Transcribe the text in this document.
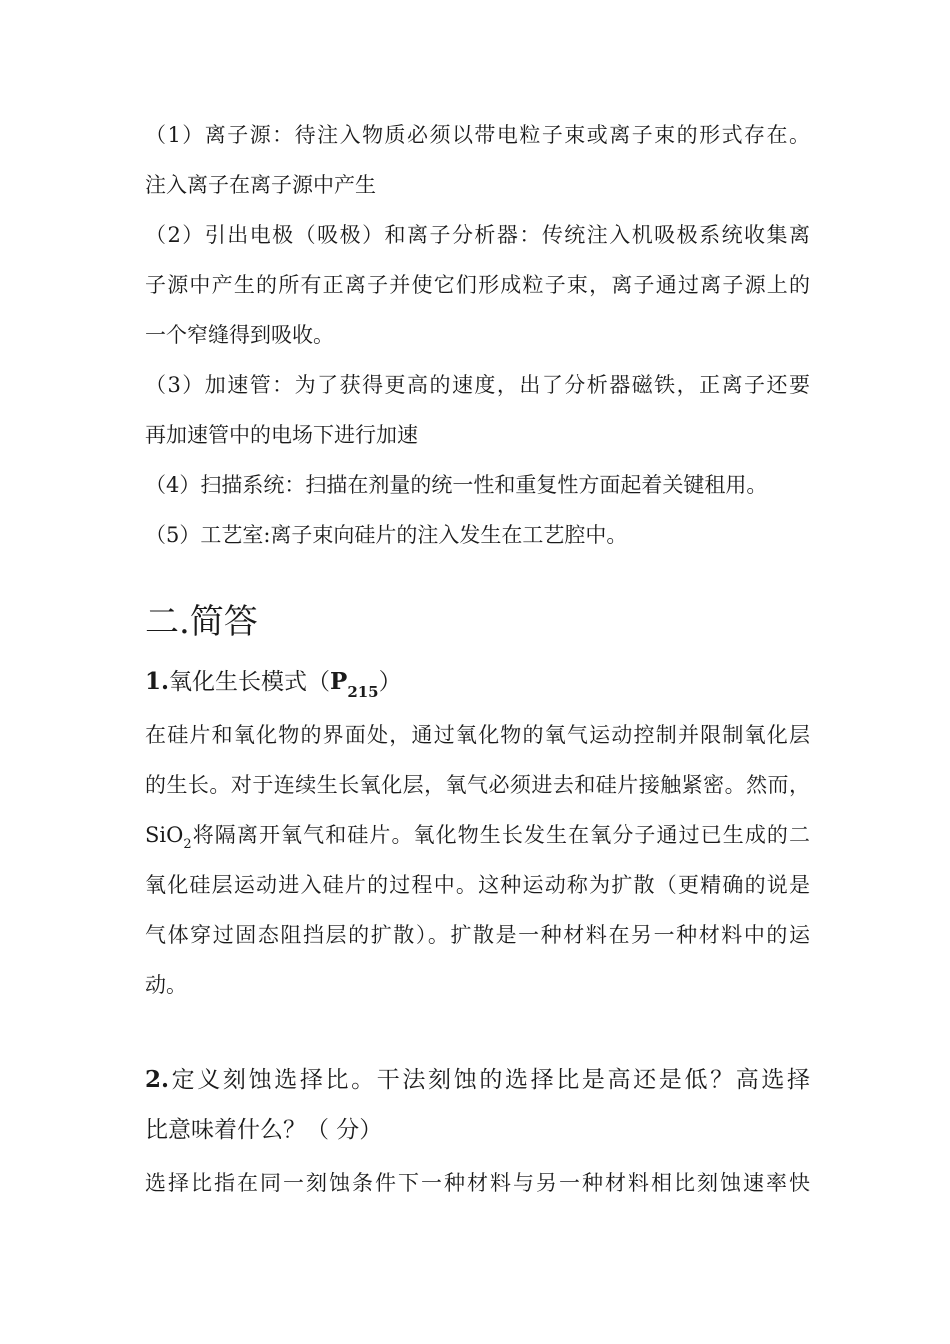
（1）离子源：待注入物质必须以带电粒子束或离子束的形式存在。
注入离子在离子源中产生
（2）引出电极（吸极）和离子分析器：传统注入机吸极系统收集离
子源中产生的所有正离子并使它们形成粒子束，离子通过离子源上的
一个窄缝得到吸收。
（3）加速管：为了获得更高的速度，出了分析器磁铁，正离子还要
再加速管中的电场下进行加速
（4）扫描系统：扫描在剂量的统一性和重复性方面起着关键租用。
（5）工艺室:离子束向硅片的注入发生在工艺腔中。
二.简答
1.氧化生长模式$(P_{215})$
在硅片和氧化物的界面处，通过氧化物的氧气运动控制并限制氧化层
的生长。对于连续生长氧化层，氧气必须进去和硅片接触紧密。然而，
SiO$_2$将隔离开氧气和硅片。氧化物生长发生在氧分子通过已生成的二
氧化硅层运动进入硅片的过程中。这种运动称为扩散（更精确的说是
气体穿过固态阻挡层的扩散）。扩散是一种材料在另一种材料中的运
动。
2.定义刻蚀选择比。干法刻蚀的选择比是高还是低？高选择
比意味着什么？（ 分）
选择比指在同一刻蚀条件下一种材料与另一种材料相比刻蚀速率快
